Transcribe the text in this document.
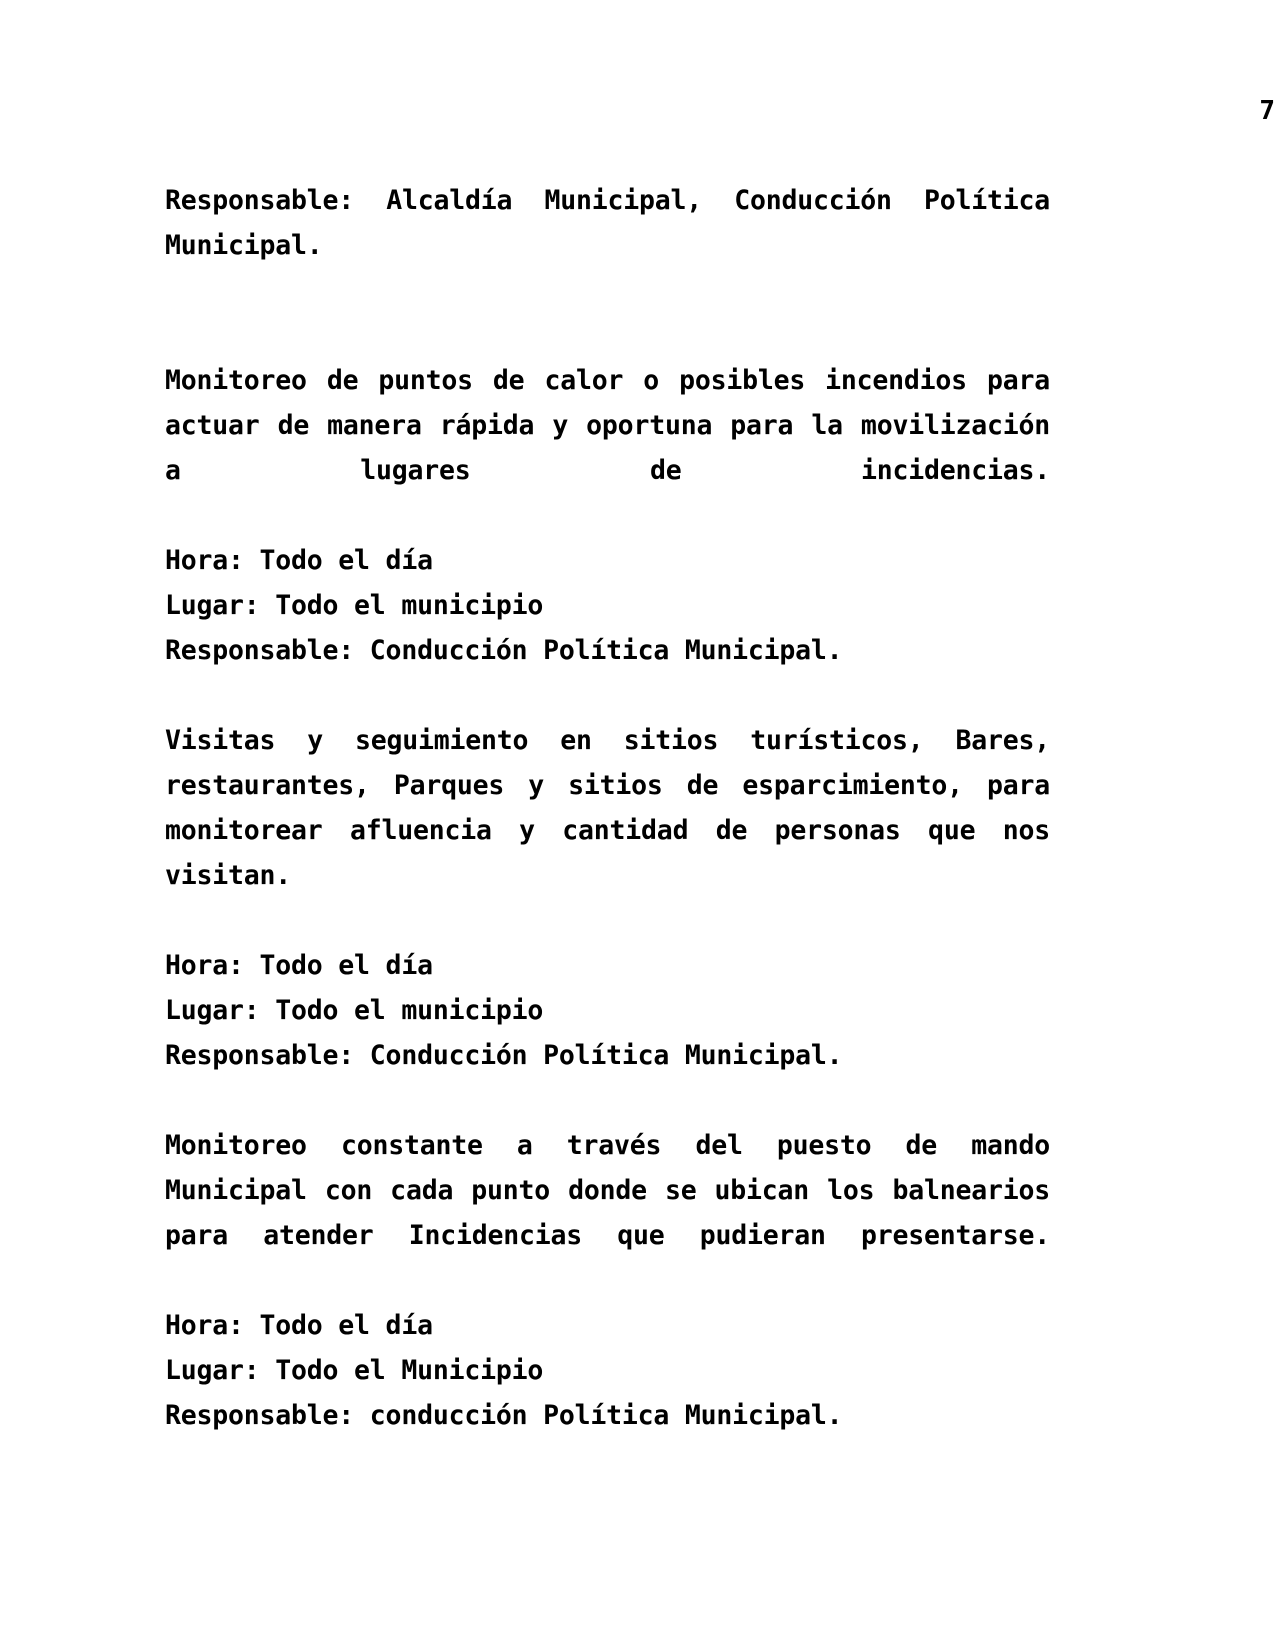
7

Responsable: Alcaldía Municipal, Conducción Política Municipal.

Monitoreo de puntos de calor o posibles incendios para actuar de manera rápida y oportuna para la movilización a lugares de incidencias.

Hora: Todo el día

Lugar: Todo el municipio

Responsable: Conducción Política Municipal.

Visitas y seguimiento en sitios turísticos, Bares, restaurantes, Parques y sitios de esparcimiento, para monitorear afluencia y cantidad de personas que nos visitan.

Hora: Todo el día

Lugar: Todo el municipio

Responsable: Conducción Política Municipal.

Monitoreo constante a través del puesto de mando Municipal con cada punto donde se ubican los balnearios para atender Incidencias que pudieran presentarse.

Hora: Todo el día

Lugar: Todo el Municipio

Responsable: conducción Política Municipal.
